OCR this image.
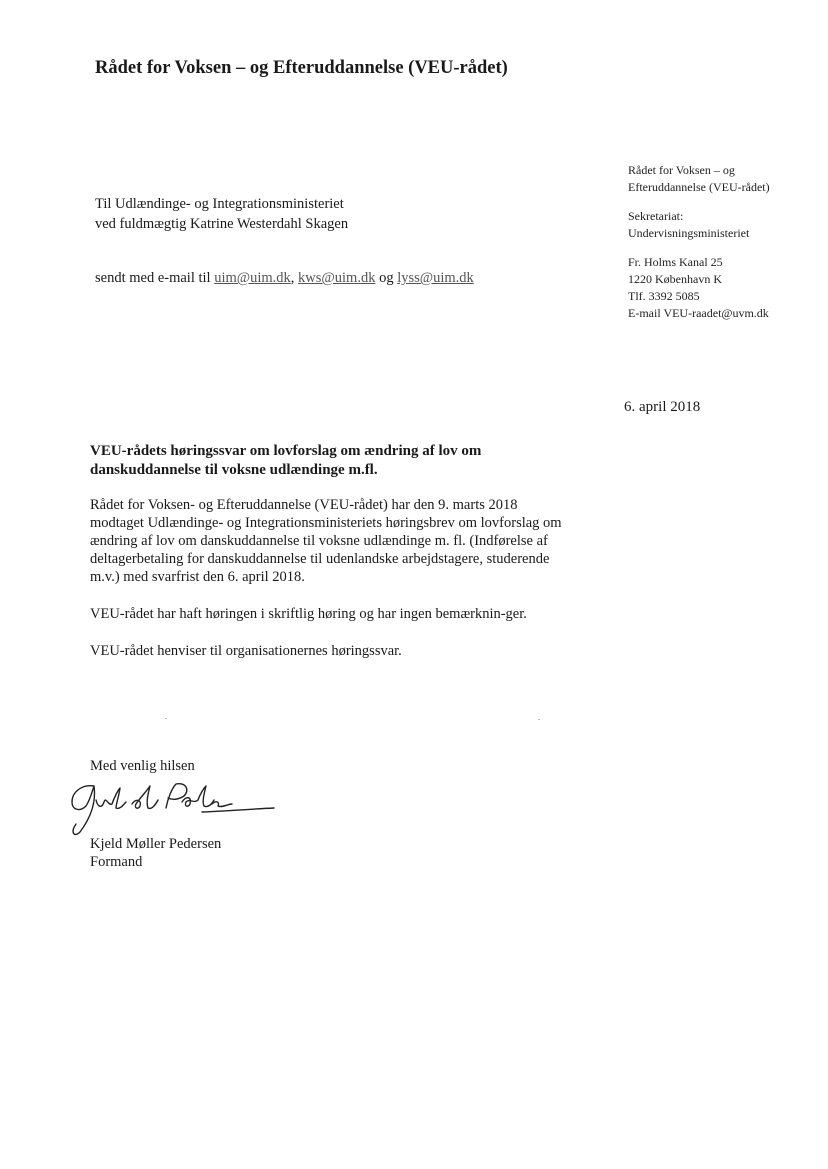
Rådet for Voksen – og Efteruddannelse (VEU-rådet)
Til Udlændinge- og Integrationsministeriet
ved fuldmægtig Katrine Westerdahl Skagen
sendt med e-mail til uim@uim.dk, kws@uim.dk og lyss@uim.dk
Rådet for Voksen – og
Efteruddannelse (VEU-rådet)
Sekretariat:
Undervisningsministeriet
Fr. Holms Kanal 25
1220 København K
Tlf. 3392 5085
E-mail VEU-raadet@uvm.dk
6. april 2018
VEU-rådets høringssvar om lovforslag om ændring af lov om
danskuddannelse til voksne udlændinge m.fl.

Rådet for Voksen- og Efteruddannelse (VEU-rådet) har den 9. marts 2018 modtaget Udlændinge- og Integrationsministeriets høringsbrev om lovforslag om ændring af lov om danskuddannelse til voksne udlændinge m. fl. (Indførelse af deltagerbetaling for danskuddannelse til udenlandske arbejdstagere, studerende m.v.) med svarfrist den 6. april 2018.

VEU-rådet har haft høringen i skriftlig høring og har ingen bemærknin-ger.

VEU-rådet henviser til organisationernes høringssvar.

Med venlig hilsen
Kjeld Møller Pedersen
Formand
